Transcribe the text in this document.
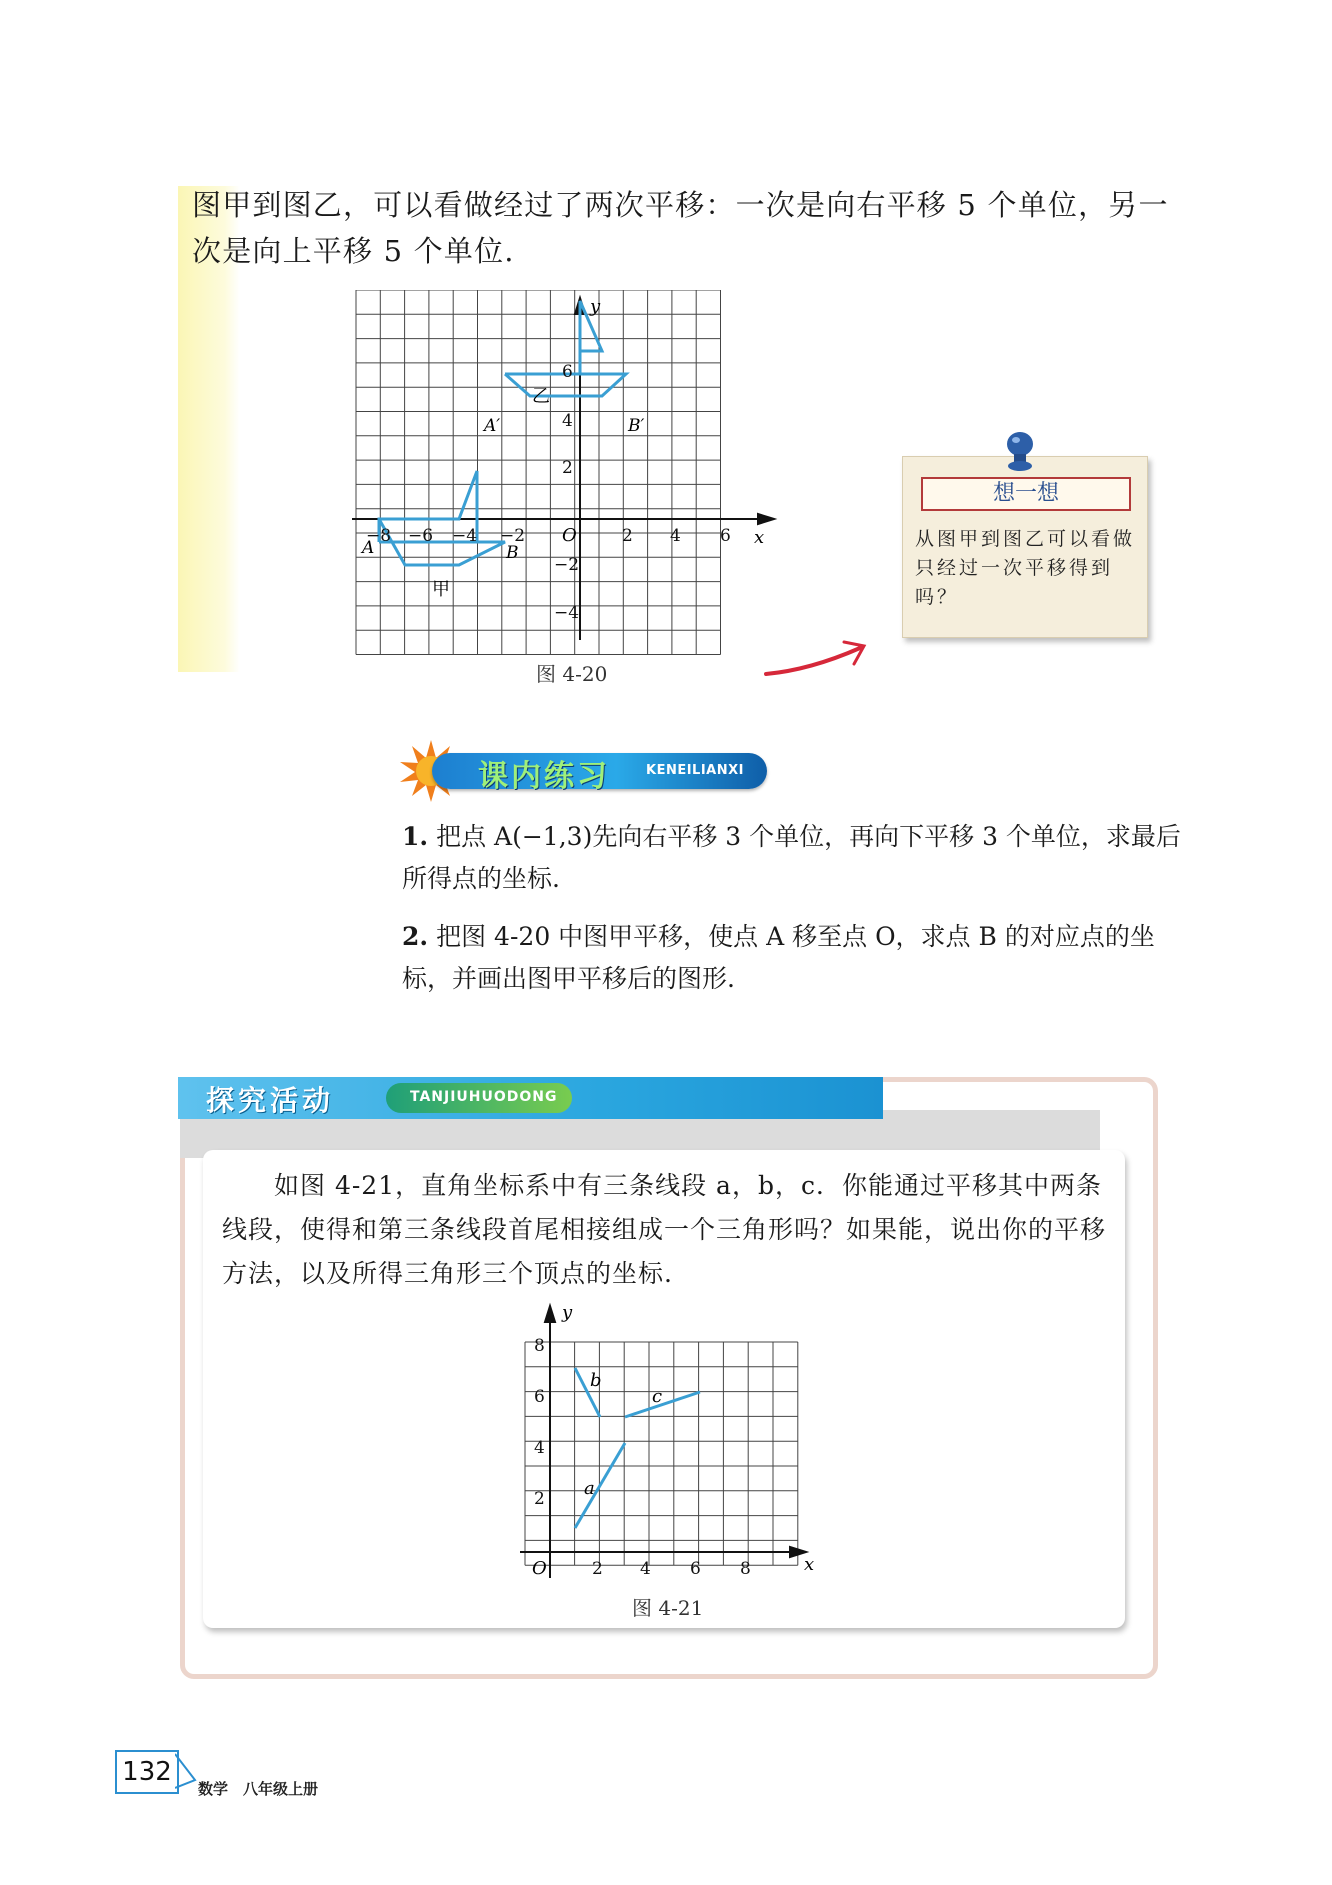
图甲到图乙，可以看做经过了两次平移：一次是向右平移 5 个单位，另一次是向上平移 5 个单位.
−8 −6 −4 −2	2 4 6
6
4
2
−2
−4
O	x
y
乙
甲
A	B
A′	B′
图 4-20
想一想
从图甲到图乙可以看做只经过一次平移得到吗？
课内练习	KENEILIANXI
1. 把点 A(−1,3)先向右平移 3 个单位，再向下平移 3 个单位，求最后所得点的坐标.
2. 把图 4-20 中图甲平移，使点 A 移至点 O，求点 B 的对应点的坐标，并画出图甲平移后的图形.
探究活动	TANJIUHUODONG
如图 4-21，直角坐标系中有三条线段 a，b，c．你能通过平移其中两条线段，使得和第三条线段首尾相接组成一个三角形吗？如果能，说出你的平移方法，以及所得三角形三个顶点的坐标.
2 4 6 8
2
4
6
8
O	x
y
a
b
c
图 4-21
132
数学　八年级上册
